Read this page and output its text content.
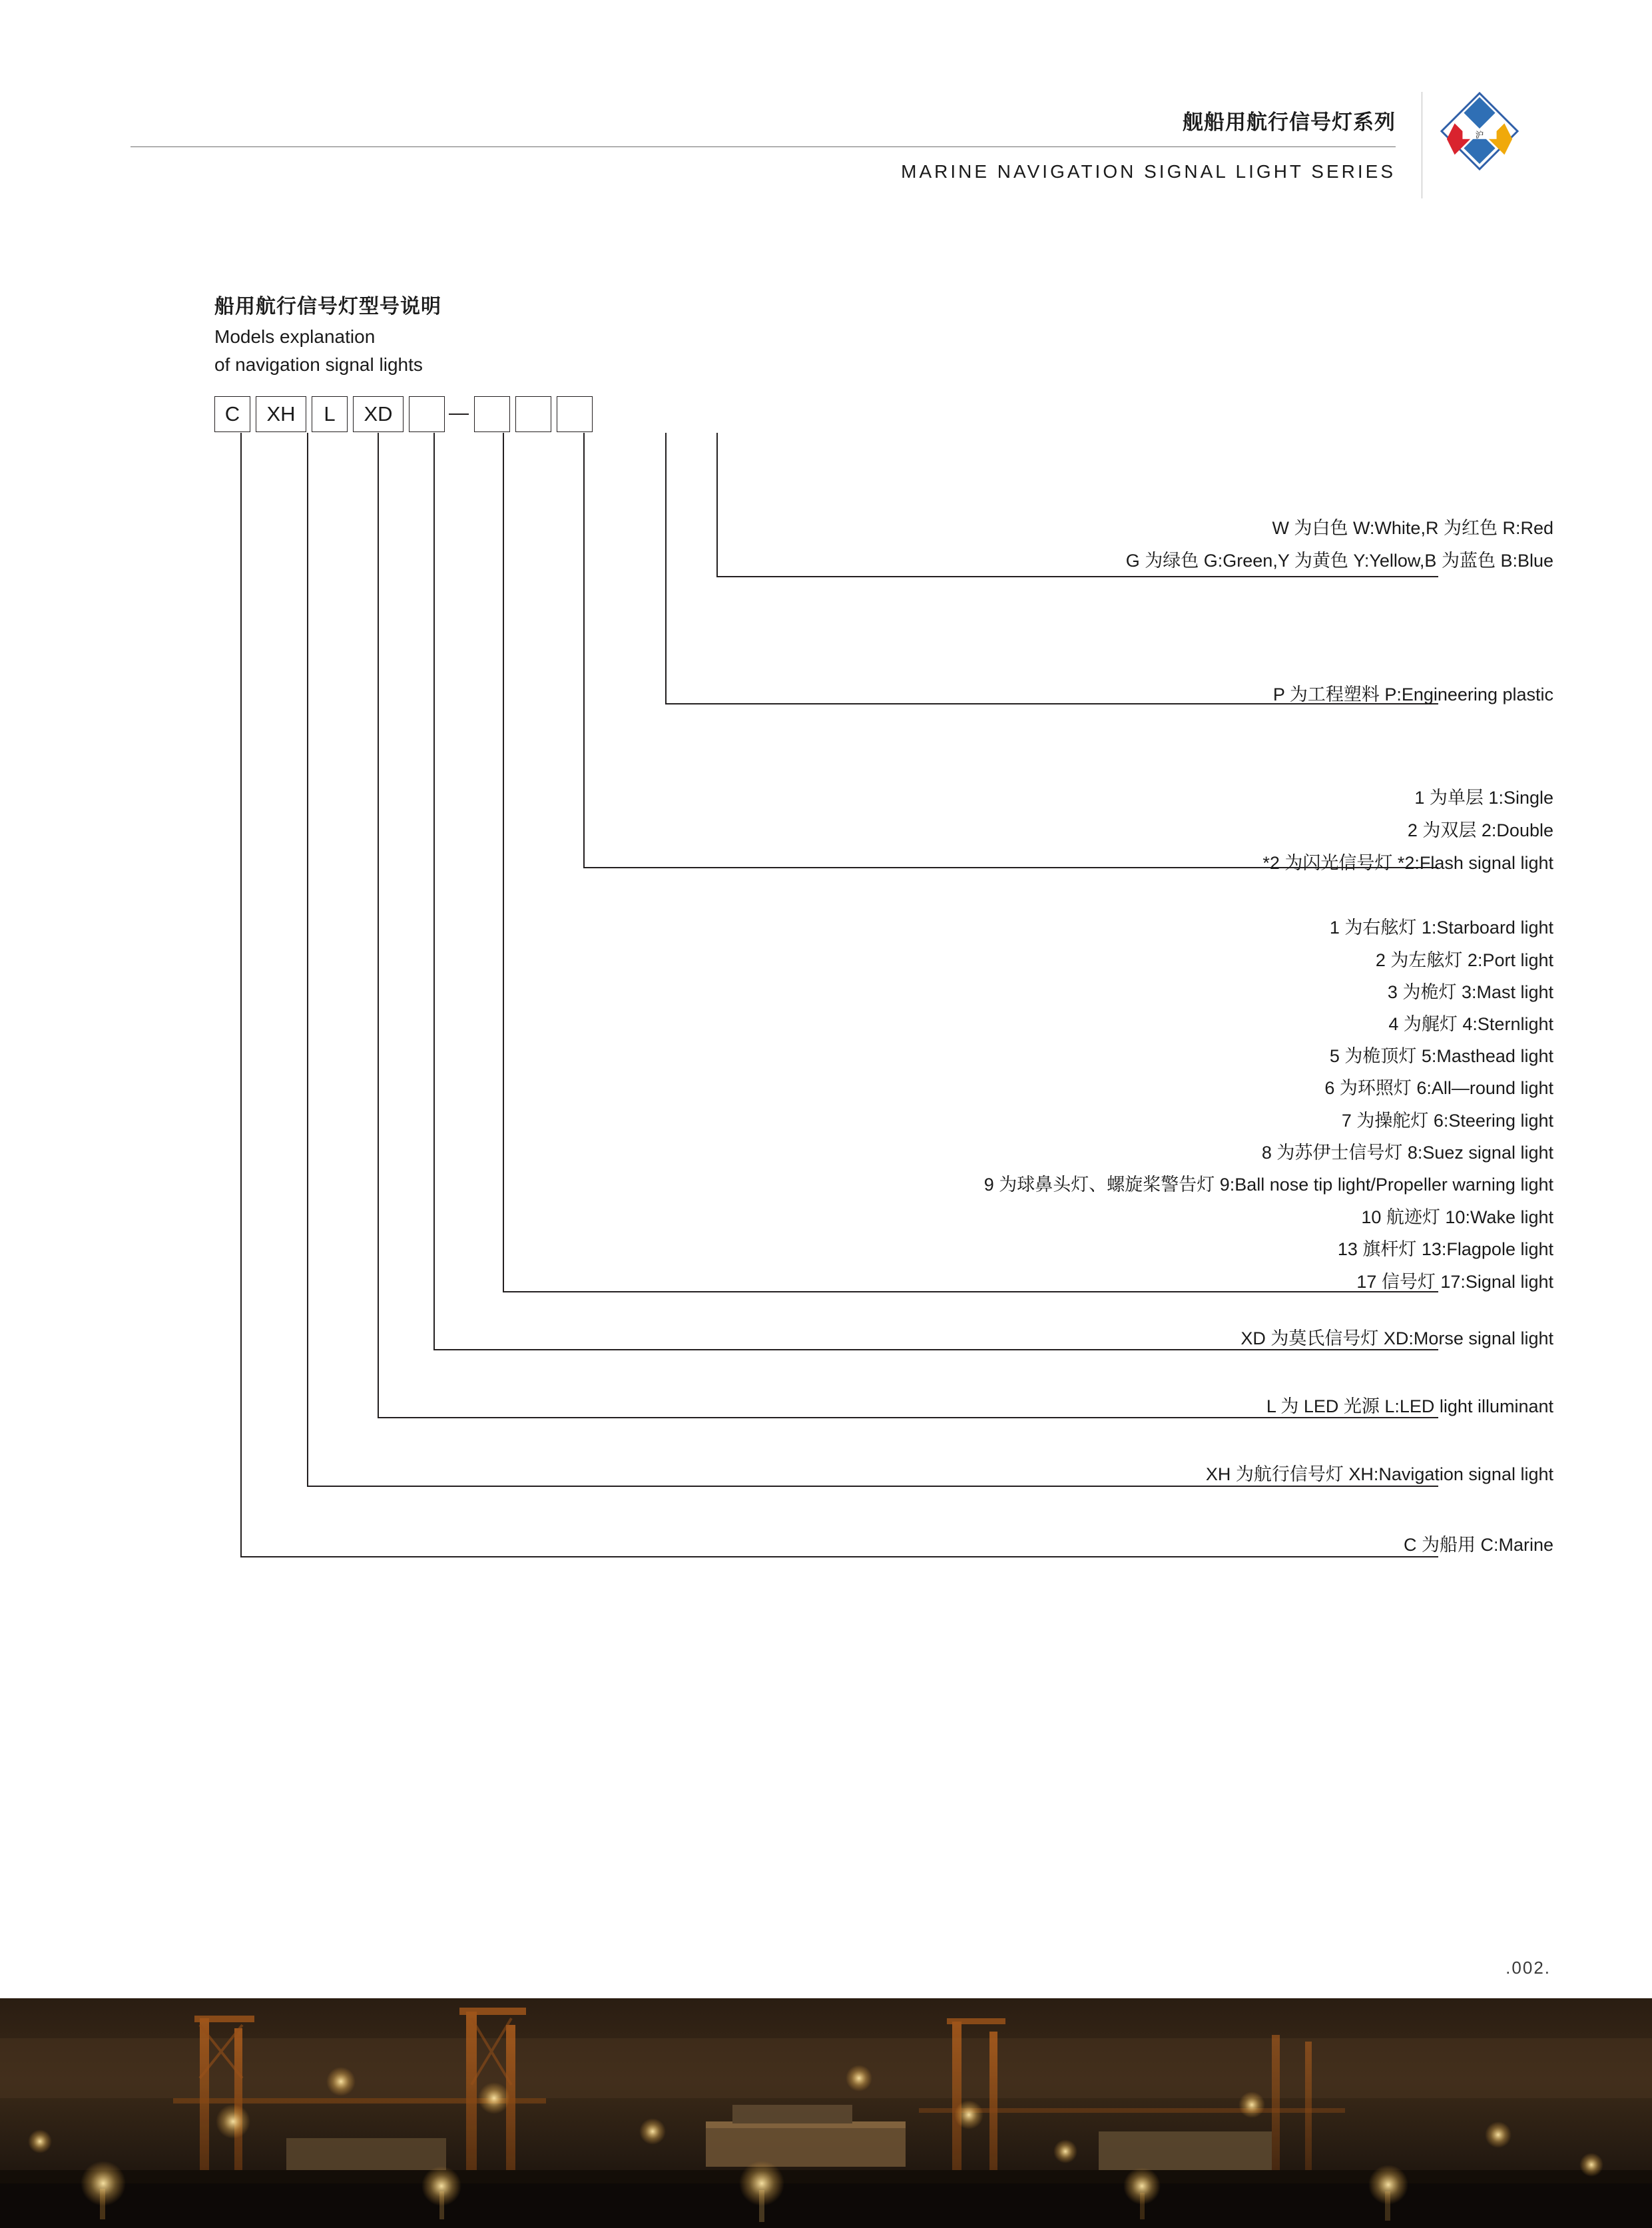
舰船用航行信号灯系列
MARINE NAVIGATION SIGNAL LIGHT SERIES
沪
船用航行信号灯型号说明
Models explanation
of navigation signal lights
C	XH	L	XD
W 为白色 W:White,R 为红色 R:Red
G 为绿色 G:Green,Y 为黄色 Y:Yellow,B 为蓝色 B:Blue
P 为工程塑料 P:Engineering plastic
1 为单层 1:Single
2 为双层 2:Double
*2 为闪光信号灯 *2:Flash signal light
1 为右舷灯 1:Starboard light
2 为左舷灯 2:Port light
3 为桅灯 3:Mast light
4 为艉灯 4:Sternlight
5 为桅顶灯 5:Masthead light
6 为环照灯 6:All—round light
7 为操舵灯 6:Steering light
8 为苏伊士信号灯 8:Suez signal light
9 为球鼻头灯、螺旋桨警告灯 9:Ball nose tip light/Propeller warning light
10 航迹灯 10:Wake light
13 旗杆灯 13:Flagpole light
17 信号灯 17:Signal light
XD 为莫氏信号灯 XD:Morse signal light
L 为 LED 光源 L:LED light illuminant
XH 为航行信号灯 XH:Navigation signal light
C 为船用 C:Marine
.002.
